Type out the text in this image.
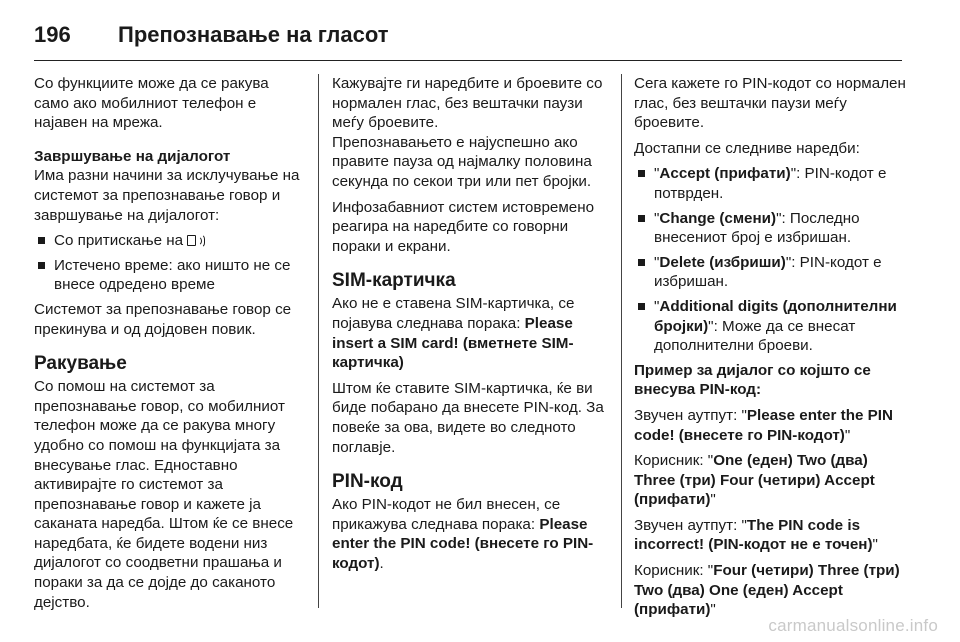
196	Препознавање на гласот

Со функциите може да се ракува само ако мобилниот телефон е најавен на мрежа.

Завршување на дијалогот

Има разни начини за исклучување на системот за препознавање говор и завршување на дијалогот:

Со притискање на
Истечено време: ако ништо не се внесе одредено време

Системот за препознавање говор се прекинува и од дојдовен повик.

Ракување

Со помош на системот за препознавање говор, со мобилниот телефон може да се ракува многу удобно со помош на функцијата за внесување глас. Едноставно активирајте го системот за препознавање говор и кажете ја саканата наредба. Штом ќе се внесе наредбата, ќе бидете водени низ дијалогот со соодветни прашања и пораки за да се дојде до саканото дејство.

Кажувајте ги наредбите и броевите со нормален глас, без вештачки паузи меѓу броевите.

Препознавањето е најуспешно ако правите пауза од најмалку половина секунда по секои три или пет бројки.

Инфозабавниот систем истовремено реагира на наредбите со говорни пораки и екрани.

SIM-картичка

Ако не е ставена SIM-картичка, се појавува следнава порака: Please insert a SIM card! (вметнете SIM-картичка)

Штом ќе ставите SIM-картичка, ќе ви биде побарано да внесете PIN-код. За повеќе за ова, видете во следното поглавје.

PIN-код

Ако PIN-кодот не бил внесен, се прикажува следнава порака: Please enter the PIN code! (внесете го PIN-кодот).

Сега кажете го PIN-кодот со нормален глас, без вештачки паузи меѓу броевите.

Достапни се следниве наредби:

"Accept (прифати)": PIN-кодот е потврден.
"Change (смени)": Последно внесениот број е избришан.
"Delete (избриши)": PIN-кодот е избришан.
"Additional digits (дополнителни бројки)": Може да се внесат дополнителни броеви.

Пример за дијалог со којшто се внесува PIN-код:

Звучен аутпут: "Please enter the PIN code! (внесете го PIN-кодот)"

Корисник: "One (еден) Two (два) Three (три) Four (четири) Accept (прифати)"

Звучен аутпут: "The PIN code is incorrect! (PIN-кодот не е точен)"

Корисник: "Four (четири) Three (три) Two (два) One (еден) Accept (прифати)"

carmanualsonline.info
